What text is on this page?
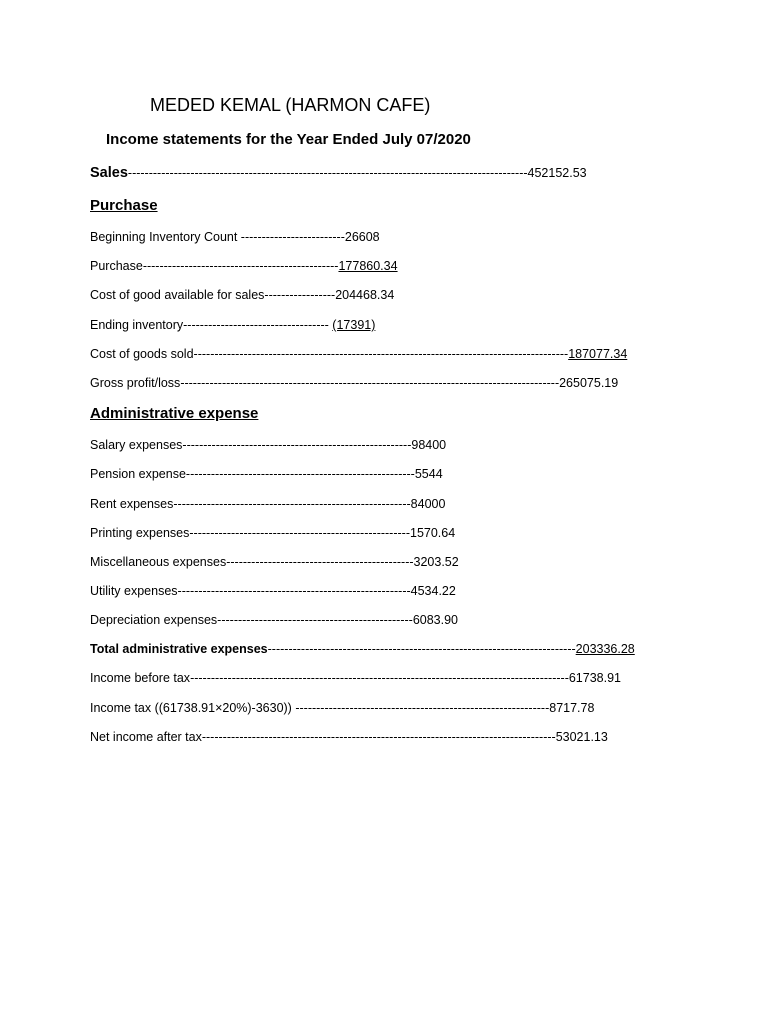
MEDED KEMAL (HARMON CAFE)
Income statements for the Year Ended July 07/2020
Sales------------------------------------------------------------------------------------------------452152.53
Purchase
Beginning Inventory Count -------------------------26608
Purchase-----------------------------------------------177860.34
Cost of good available for sales-----------------204468.34
Ending inventory----------------------------------- (17391)
Cost of goods sold------------------------------------------------------------------------------------------187077.34
Gross profit/loss-------------------------------------------------------------------------------------------265075.19
Administrative expense
Salary expenses-------------------------------------------------------98400
Pension expense-------------------------------------------------------5544
Rent expenses---------------------------------------------------------84000
Printing expenses-----------------------------------------------------1570.64
Miscellaneous expenses---------------------------------------------3203.52
Utility expenses--------------------------------------------------------4534.22
Depreciation expenses-----------------------------------------------6083.90
Total administrative expenses--------------------------------------------------------------------------203336.28
Income before tax-------------------------------------------------------------------------------------------61738.91
Income tax ((61738.91×20%)-3630)) -------------------------------------------------------------8717.78
Net income after tax-------------------------------------------------------------------------------------53021.13
